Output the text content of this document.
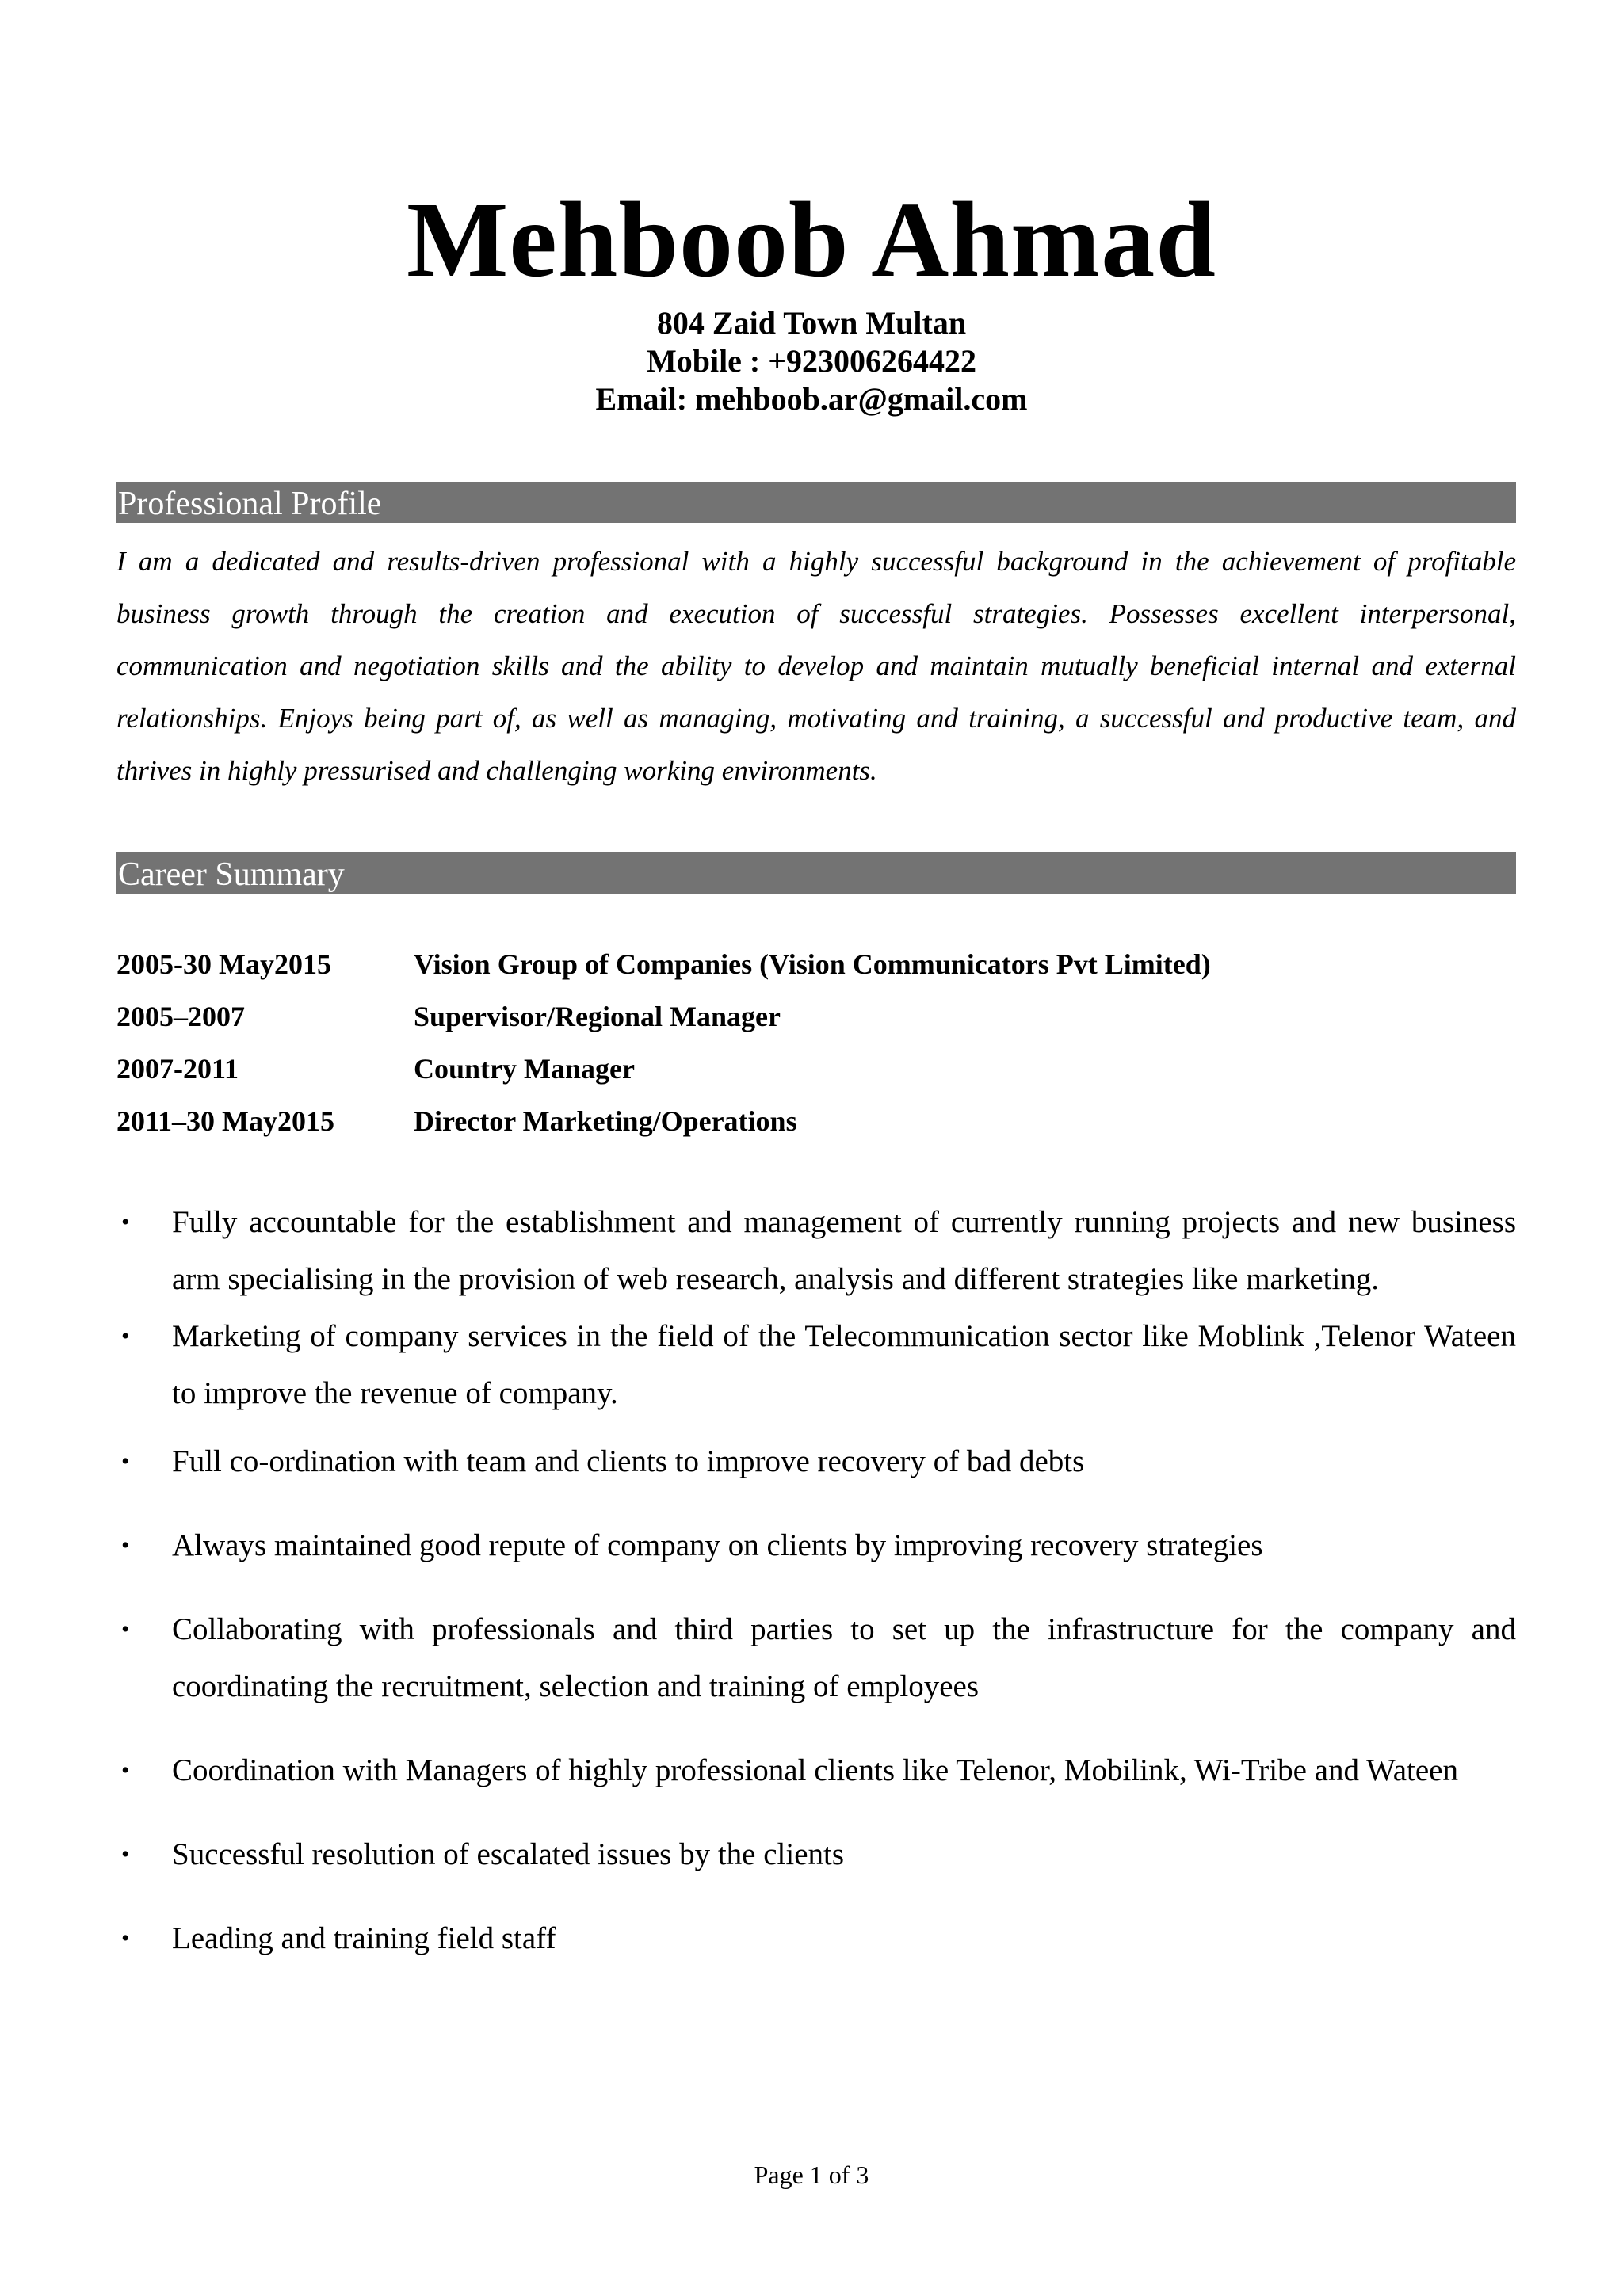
Mehboob Ahmad
804 Zaid Town Multan
Mobile : +923006264422
Email: mehboob.ar@gmail.com
Professional Profile
I am a dedicated and results-driven professional with a highly successful background in the achievement of profitable business growth through the creation and execution of successful strategies. Possesses excellent interpersonal, communication and negotiation skills and the ability to develop and maintain mutually beneficial internal and external relationships. Enjoys being part of, as well as managing, motivating and training, a successful and productive team, and thrives in highly pressurised and challenging working environments.
Career Summary
2005-30 May2015	Vision Group of Companies (Vision Communicators Pvt Limited)
2005–2007	Supervisor/Regional Manager
2007-2011	Country Manager
2011–30 May2015	Director Marketing/Operations
• Fully accountable for the establishment and management of currently running projects and new business arm specialising in the provision of web research, analysis and different strategies like marketing.
• Marketing of company services in the field of the Telecommunication sector like Moblink ,Telenor Wateen to improve the revenue of company.
• Full co-ordination with team and clients to improve recovery of bad debts
• Always maintained good repute of company on clients by improving recovery strategies
• Collaborating with professionals and third parties to set up the infrastructure for the company and coordinating the recruitment, selection and training of employees
• Coordination with Managers of highly professional clients like Telenor, Mobilink, Wi-Tribe and Wateen
• Successful resolution of escalated issues by the clients
• Leading and training field staff
Page 1 of 3
